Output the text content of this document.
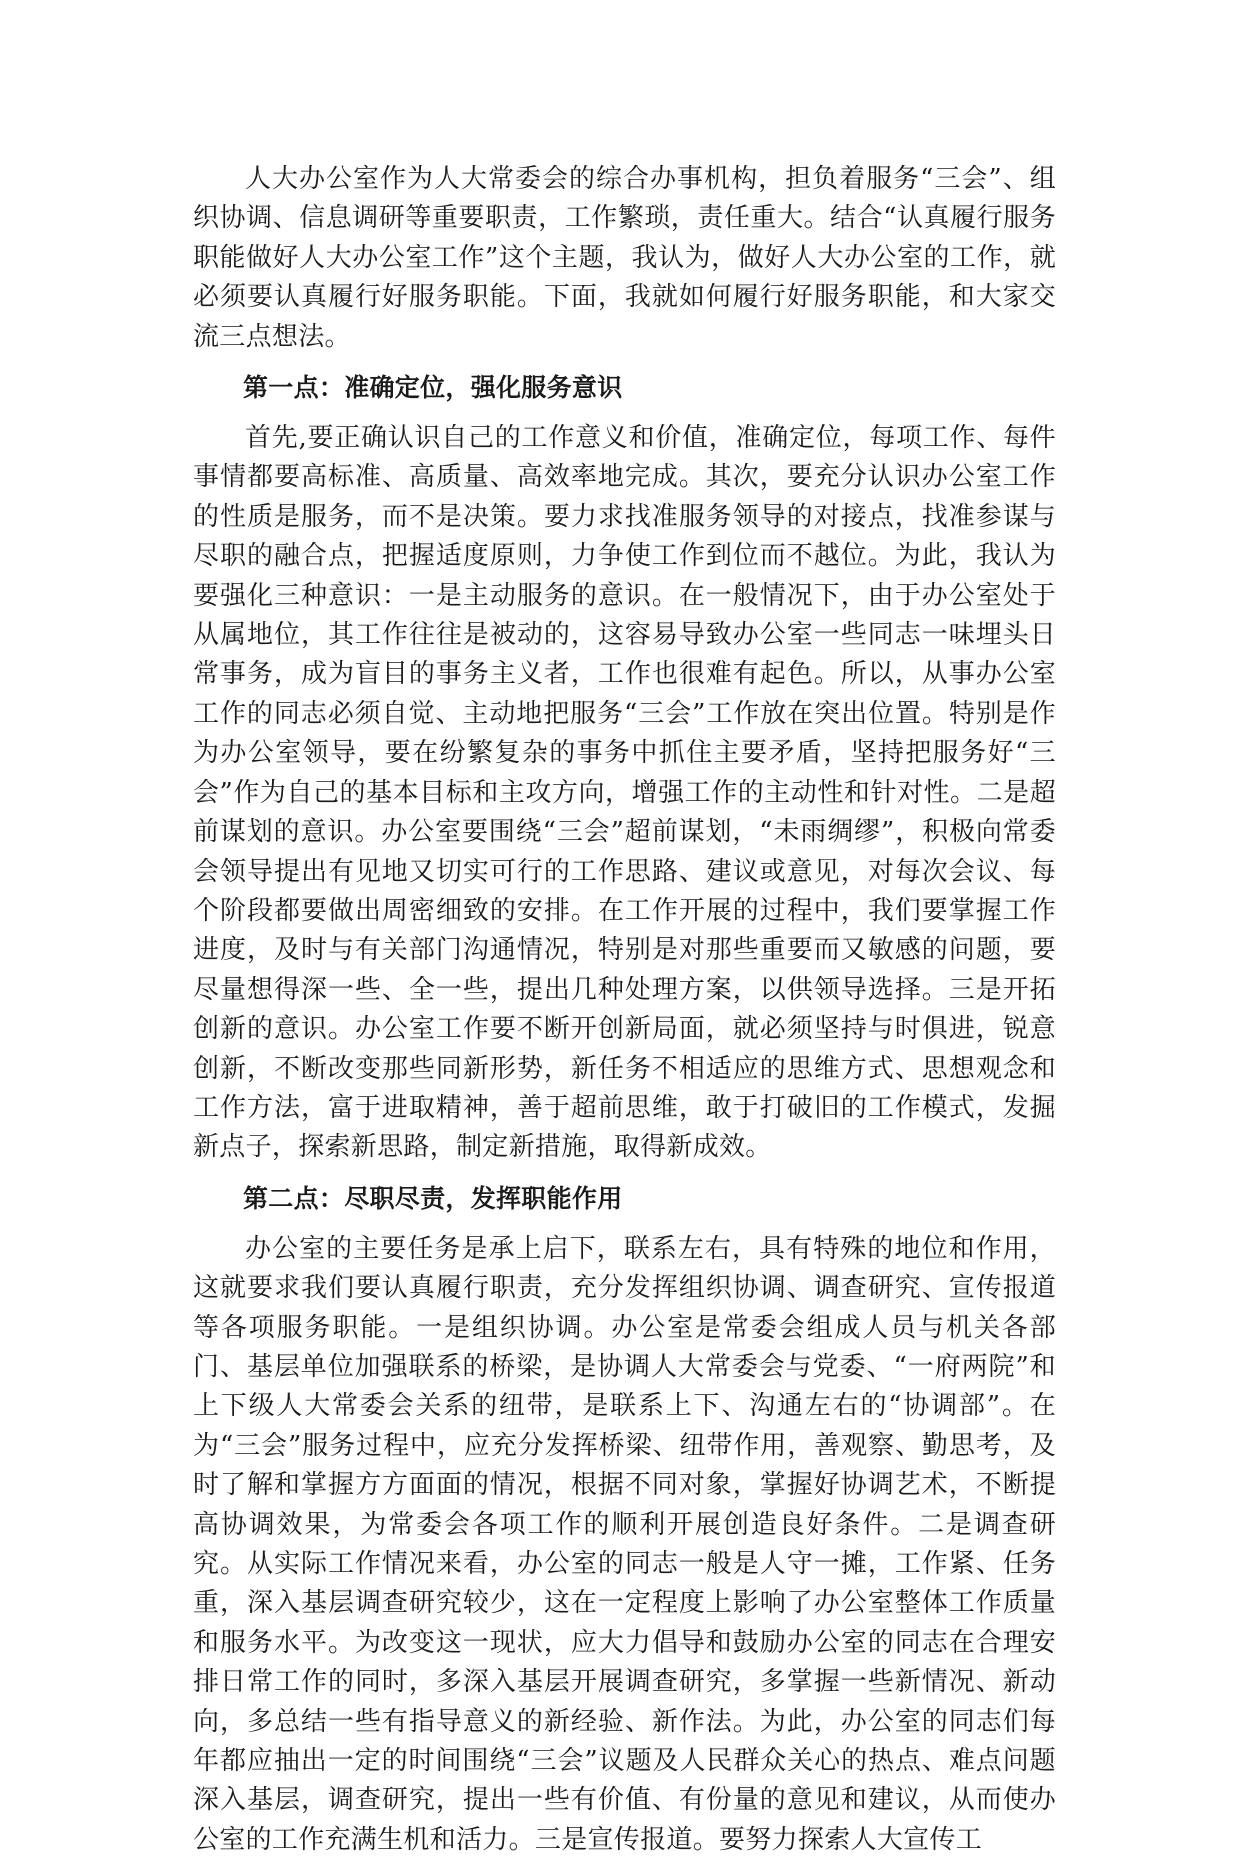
人大办公室作为人大常委会的综合办事机构，担负着服务“三会”、组织协调、信息调研等重要职责，工作繁琐，责任重大。结合“认真履行服务职能做好人大办公室工作”这个主题，我认为，做好人大办公室的工作，就必须要认真履行好服务职能。下面，我就如何履行好服务职能，和大家交流三点想法。

第一点：准确定位，强化服务意识

首先,要正确认识自己的工作意义和价值，准确定位，每项工作、每件事情都要高标准、高质量、高效率地完成。其次，要充分认识办公室工作的性质是服务，而不是决策。要力求找准服务领导的对接点，找准参谋与尽职的融合点，把握适度原则，力争使工作到位而不越位。为此，我认为要强化三种意识：一是主动服务的意识。在一般情况下，由于办公室处于从属地位，其工作往往是被动的，这容易导致办公室一些同志一味埋头日常事务，成为盲目的事务主义者，工作也很难有起色。所以，从事办公室工作的同志必须自觉、主动地把服务“三会”工作放在突出位置。特别是作为办公室领导，要在纷繁复杂的事务中抓住主要矛盾，坚持把服务好“三会”作为自己的基本目标和主攻方向，增强工作的主动性和针对性。二是超前谋划的意识。办公室要围绕“三会”超前谋划，“未雨绸缪”，积极向常委会领导提出有见地又切实可行的工作思路、建议或意见，对每次会议、每个阶段都要做出周密细致的安排。在工作开展的过程中，我们要掌握工作进度，及时与有关部门沟通情况，特别是对那些重要而又敏感的问题，要尽量想得深一些、全一些，提出几种处理方案，以供领导选择。三是开拓创新的意识。办公室工作要不断开创新局面，就必须坚持与时俱进，锐意创新，不断改变那些同新形势，新任务不相适应的思维方式、思想观念和工作方法，富于进取精神，善于超前思维，敢于打破旧的工作模式，发掘新点子，探索新思路，制定新措施，取得新成效。

第二点：尽职尽责，发挥职能作用

办公室的主要任务是承上启下，联系左右，具有特殊的地位和作用，这就要求我们要认真履行职责，充分发挥组织协调、调查研究、宣传报道等各项服务职能。一是组织协调。办公室是常委会组成人员与机关各部门、基层单位加强联系的桥梁，是协调人大常委会与党委、“一府两院”和上下级人大常委会关系的纽带，是联系上下、沟通左右的“协调部”。在为“三会”服务过程中，应充分发挥桥梁、纽带作用，善观察、勤思考，及时了解和掌握方方面面的情况，根据不同对象，掌握好协调艺术，不断提高协调效果，为常委会各项工作的顺利开展创造良好条件。二是调查研究。从实际工作情况来看，办公室的同志一般是人守一摊，工作紧、任务重，深入基层调查研究较少，这在一定程度上影响了办公室整体工作质量和服务水平。为改变这一现状，应大力倡导和鼓励办公室的同志在合理安排日常工作的同时，多深入基层开展调查研究，多掌握一些新情况、新动向，多总结一些有指导意义的新经验、新作法。为此，办公室的同志们每年都应抽出一定的时间围绕“三会”议题及人民群众关心的热点、难点问题深入基层，调查研究，提出一些有价值、有份量的意见和建议，从而使办公室的工作充满生机和活力。三是宣传报道。要努力探索人大宣传工
